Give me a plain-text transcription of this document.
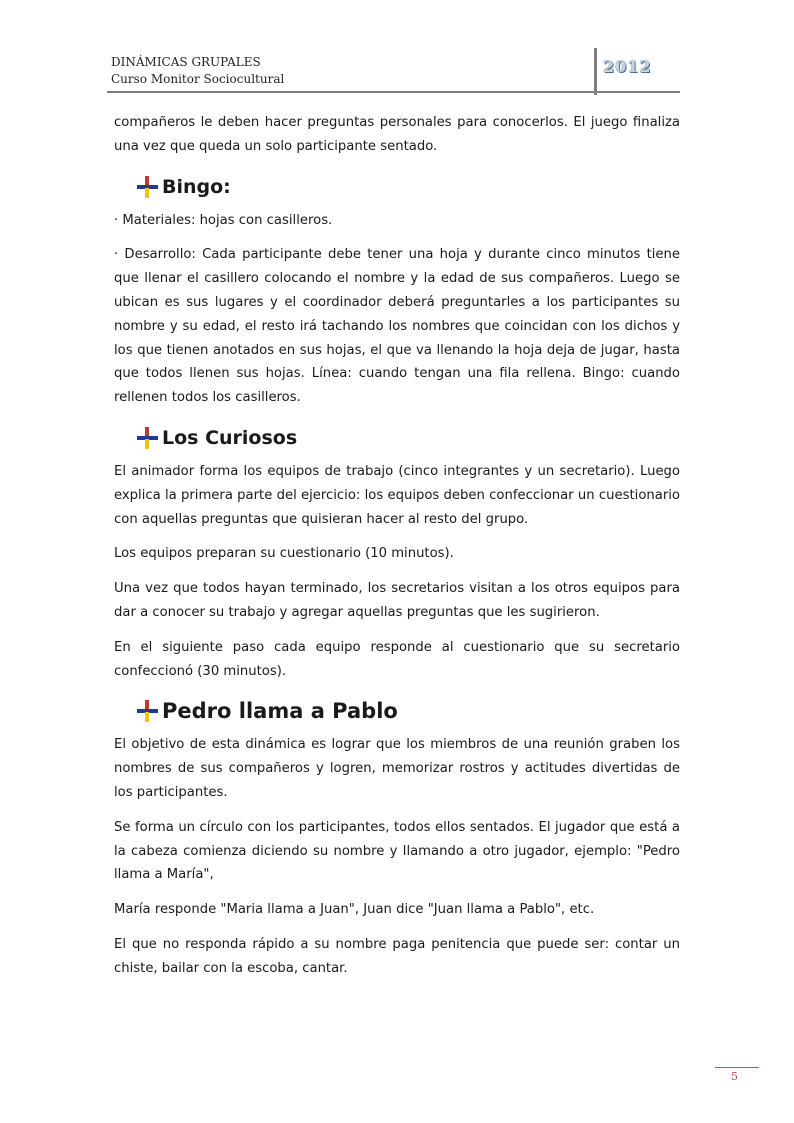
DINÁMICAS GRUPALES
Curso Monitor Sociocultural
2012

compañeros le deben hacer preguntas personales para conocerlos. El juego finaliza una vez que queda un solo participante sentado.

Bingo:

· Materiales: hojas con casilleros.

· Desarrollo: Cada participante debe tener una hoja y durante cinco minutos tiene que llenar el casillero colocando el nombre y la edad de sus compañeros. Luego se ubican es sus lugares y el coordinador deberá preguntarles a los participantes su nombre y su edad, el resto irá tachando los nombres que coincidan con los dichos y los que tienen anotados en sus hojas, el que va llenando la hoja deja de jugar, hasta que todos llenen sus hojas. Línea: cuando tengan una fila rellena. Bingo: cuando rellenen todos los casilleros.

Los Curiosos

El animador forma los equipos de trabajo (cinco integrantes y un secretario). Luego explica la primera parte del ejercicio: los equipos deben confeccionar un cuestionario con aquellas preguntas que quisieran hacer al resto del grupo.

Los equipos preparan su cuestionario (10 minutos).

Una vez que todos hayan terminado, los secretarios visitan a los otros equipos para dar a conocer su trabajo y agregar aquellas preguntas que les sugirieron.

En el siguiente paso cada equipo responde al cuestionario que su secretario confeccionó (30 minutos).

Pedro llama a Pablo

El objetivo de esta dinámica es lograr que los miembros de una reunión graben los nombres de sus compañeros y logren, memorizar rostros y actitudes divertidas de los participantes.

Se forma un círculo con los participantes, todos ellos sentados. El jugador que está a la cabeza comienza diciendo su nombre y llamando a otro jugador, ejemplo: "Pedro llama a María",

María responde "Maria llama a Juan", Juan dice "Juan llama a Pablo", etc.

El que no responda rápido a su nombre paga penitencia que puede ser: contar un chiste, bailar con la escoba, cantar.

5
